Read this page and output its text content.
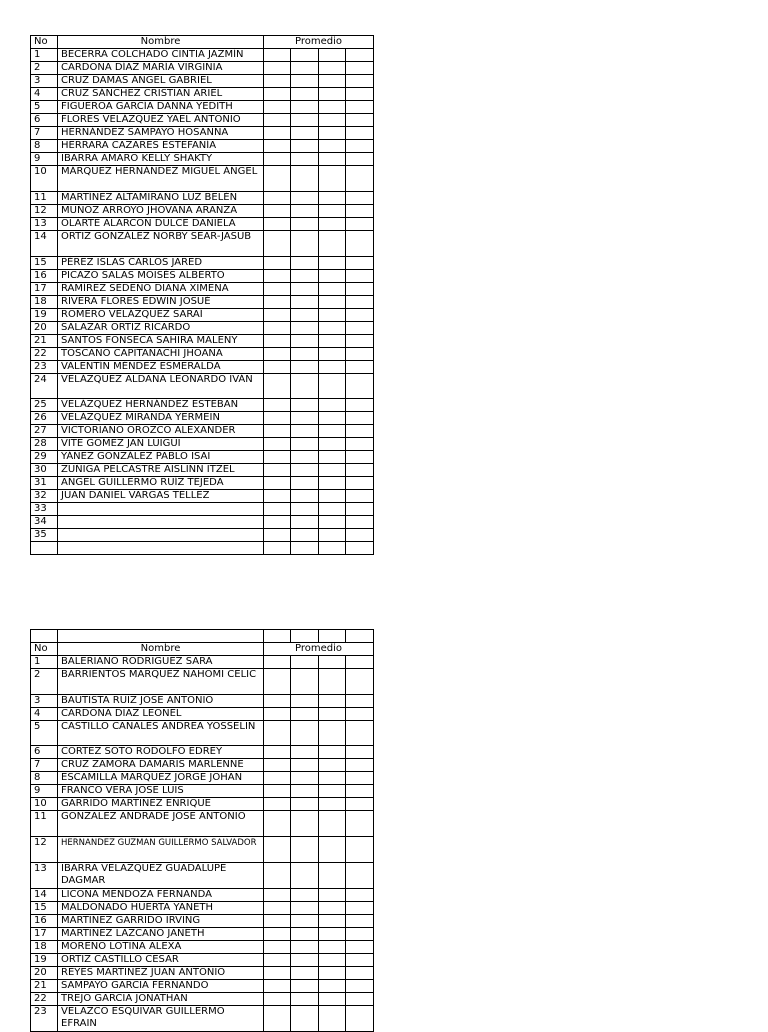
No	Nombre	Promedio			
1	BECERRA COLCHADO CINTIA JAZMÍN				
2	CARDONA DÍAZ MARÍA VIRGINIA				
3	CRUZ DAMAS ÁNGEL GABRIEL				
4	CRUZ SÁNCHEZ CRISTIAN ARIEL				
5	FIGUEROA GARCÍA DANNA YEDITH				
6	FLORES VELÁZQUEZ YAEL ANTONIO				
7	HERNÁNDEZ SAMPAYO HOSANNA				
8	HERRARA CAZARES ESTEFANÍA				
9	IBARRA AMARO KELLY SHAKTY				
10	MÁRQUEZ HERNÁNDEZ MIGUEL ÁNGEL				
11	MARTÍNEZ ALTAMIRANO LUZ BELÉN				
12	MUÑOZ ARROYO JHOVANA ARANZA				
13	OLARTE ALARCÓN DULCE DANIELA				
14	ORTIZ GONZÁLEZ NORBY SEAR-JASUB				
15	PÉREZ ISLAS CARLOS JARED				
16	PICAZO SALAS MOISÉS ALBERTO				
17	RAMÍREZ SEDEÑO DIANA XIMENA				
18	RIVERA FLORES EDWIN JOSUÉ				
19	ROMERO VELÁZQUEZ SARAÍ				
20	SALAZAR ORTIZ RICARDO				
21	SANTOS FONSECA SAHIRA MALENY				
22	TOSCANO CAPITANACHI JHOANA				
23	VALENTÍN MÉNDEZ ESMERALDA				
24	VELÁZQUEZ ALDANA LEONARDO IVÁN				
25	VELÁZQUEZ HERNÁNDEZ ESTEBAN				
26	VELÁZQUEZ MIRANDA YERMEIN				
27	VICTORIANO OROZCO ALEXANDER				
28	VITE GÓMEZ JAN LUIGUI				
29	YÁÑEZ GONZÁLEZ PABLO ISAI				
30	ZÚÑIGA PELCASTRE AISLINN ITZEL				
31	ANGEL GUILLERMO RUÍZ TEJEDA				
32	JUAN DANIEL VARGAS TELLEZ				
33					
34					
35					

No	Nombre	Promedio			
1	BALERIANO RODRIGUEZ SARA				
2	BARRIENTOS MARQUEZ NAHOMI CELIC				
3	BAUTISTA RUIZ JOSE ANTONIO				
4	CARDONA DIAZ LEONEL				
5	CASTILLO CANALES ANDREA YOSSELIN				
6	CORTEZ SOTO RODOLFO EDREY				
7	CRUZ ZAMORA DAMARIS MARLENNE				
8	ESCAMILLA MARQUEZ JORGE JOHAN				
9	FRANCO VERA JOSE LUIS				
10	GARRIDO MARTINEZ ENRIQUE				
11	GONZALEZ ANDRADE JOSE ANTONIO				
12	HERNANDEZ GUZMAN GUILLERMO SALVADOR				
13	IBARRA VELAZQUEZ GUADALUPE DAGMAR				
14	LICONA MENDOZA FERNANDA				
15	MALDONADO HUERTA YANETH				
16	MARTINEZ GARRIDO IRVING				
17	MARTINEZ LAZCANO JANETH				
18	MORENO LOTINA ALEXA				
19	ORTIZ CASTILLO CESAR				
20	REYES MARTINEZ JUAN ANTONIO				
21	SAMPAYO GARCIA FERNANDO				
22	TREJO GARCIA JONATHAN				
23	VELAZCO ESQUIVAR GUILLERMO EFRAIN				
